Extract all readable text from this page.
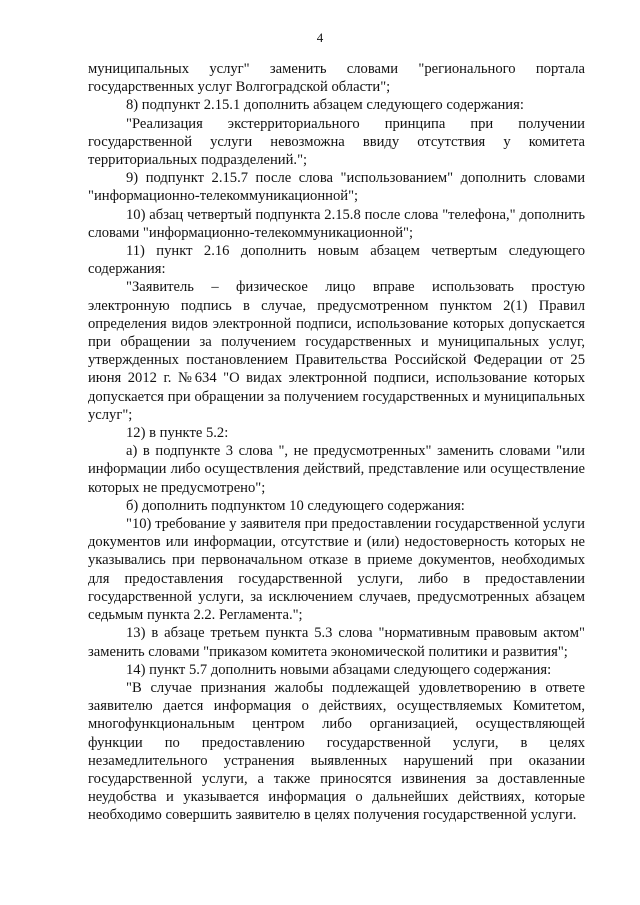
4

муниципальных услуг" заменить словами "регионального портала государственных услуг Волгоградской области";

8) подпункт 2.15.1 дополнить абзацем следующего содержания:

"Реализация экстерриториального принципа при получении государственной услуги невозможна ввиду отсутствия у комитета территориальных подразделений.";

9) подпункт 2.15.7 после слова "использованием" дополнить словами "информационно-телекоммуникационной";

10) абзац четвертый подпункта 2.15.8 после слова "телефона," дополнить словами "информационно-телекоммуникационной";

11) пункт 2.16 дополнить новым абзацем четвертым следующего содержания:

"Заявитель – физическое лицо вправе использовать простую электронную подпись в случае, предусмотренном пунктом 2(1) Правил определения видов электронной подписи, использование которых допускается при обращении за получением государственных и муниципальных услуг, утвержденных постановлением Правительства Российской Федерации от 25 июня 2012 г. №634 "О видах электронной подписи, использование которых допускается при обращении за получением государственных и муниципальных услуг";

12) в пункте 5.2:

а) в подпункте 3 слова ", не предусмотренных" заменить словами "или информации либо осуществления действий, представление или осуществление которых не предусмотрено";

б) дополнить подпунктом 10 следующего содержания:

"10) требование у заявителя при предоставлении государственной услуги документов или информации, отсутствие и (или) недостоверность которых не указывались при первоначальном отказе в приеме документов, необходимых для предоставления государственной услуги, либо в предоставлении государственной услуги, за исключением случаев, предусмотренных абзацем седьмым пункта 2.2. Регламента.";

13) в абзаце третьем пункта 5.3 слова "нормативным правовым актом" заменить словами "приказом комитета экономической политики и развития";

14) пункт 5.7 дополнить новыми абзацами следующего содержания:

"В случае признания жалобы подлежащей удовлетворению в ответе заявителю дается информация о действиях, осуществляемых Комитетом, многофункциональным центром либо организацией, осуществляющей функции по предоставлению государственной услуги, в целях незамедлительного устранения выявленных нарушений при оказании государственной услуги, а также приносятся извинения за доставленные неудобства и указывается информация о дальнейших действиях, которые необходимо совершить заявителю в целях получения государственной услуги.
